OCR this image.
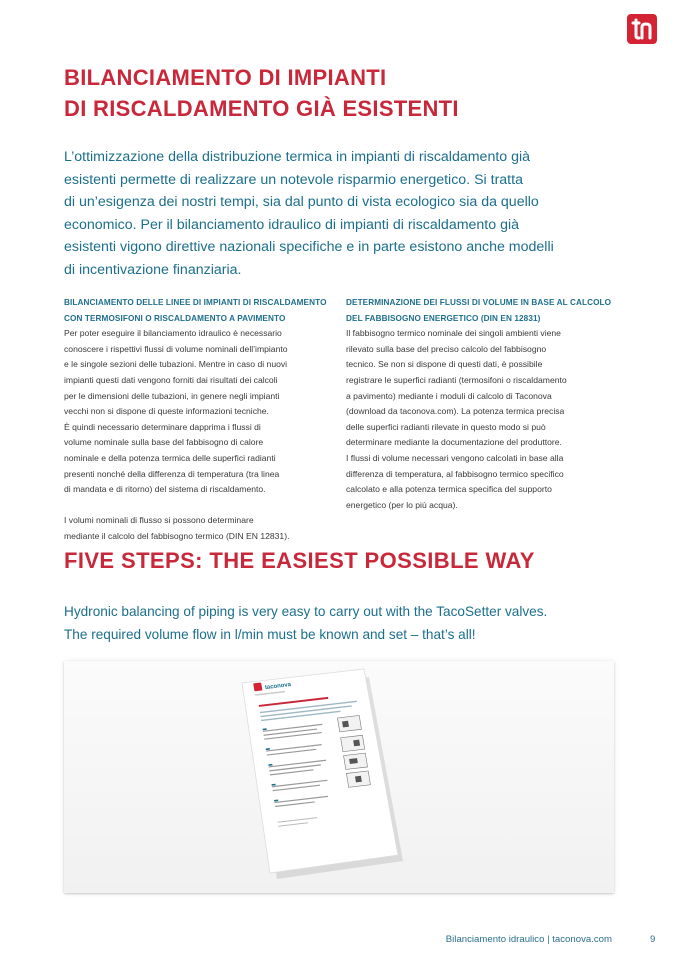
BILANCIAMENTO DI IMPIANTI
DI RISCALDAMENTO GIÀ ESISTENTI

L’ottimizzazione della distribuzione termica in impianti di riscaldamento già
esistenti permette di realizzare un notevole risparmio energetico. Si tratta
di un’esigenza dei nostri tempi, sia dal punto di vista ecologico sia da quello
economico. Per il bilanciamento idraulico di impianti di riscaldamento già
esistenti vigono direttive nazionali specifiche e in parte esistono anche modelli
di incentivazione finanziaria.

BILANCIAMENTO DELLE LINEE DI IMPIANTI DI RISCALDAMENTO
CON TERMOSIFONI O RISCALDAMENTO A PAVIMENTO

Per poter eseguire il bilanciamento idraulico è necessario
conoscere i rispettivi flussi di volume nominali dell’impianto
e le singole sezioni delle tubazioni. Mentre in caso di nuovi
impianti questi dati vengono forniti dai risultati dei calcoli
per le dimensioni delle tubazioni, in genere negli impianti
vecchi non si dispone di queste informazioni tecniche.
È quindi necessario determinare dapprima i flussi di
volume nominale sulla base del fabbisogno di calore
nominale e della potenza termica delle superfici radianti
presenti nonché della differenza di temperatura (tra linea
di mandata e di ritorno) del sistema di riscaldamento.

I volumi nominali di flusso si possono determinare
mediante il calcolo del fabbisogno termico (DIN EN 12831).

DETERMINAZIONE DEI FLUSSI DI VOLUME IN BASE AL CALCOLO
DEL FABBISOGNO ENERGETICO (DIN EN 12831)

Il fabbisogno termico nominale dei singoli ambienti viene
rilevato sulla base del preciso calcolo del fabbisogno
tecnico. Se non si dispone di questi dati, è possibile
registrare le superfici radianti (termosifoni o riscaldamento
a pavimento) mediante i moduli di calcolo di Taconova
(download da taconova.com). La potenza termica precisa
delle superfici radianti rilevate in questo modo si può
determinare mediante la documentazione del produttore.
I flussi di volume necessari vengono calcolati in base alla
differenza di temperatura, al fabbisogno termico specifico
calcolato e alla potenza termica specifica del supporto
energetico (per lo più acqua).

FIVE STEPS: THE EASIEST POSSIBLE WAY

Hydronic balancing of piping is very easy to carry out with the TacoSetter valves.
The required volume flow in l/min must be known and set – that’s all!

taconova
Bilanciamento idraulico | taconova.com	9
